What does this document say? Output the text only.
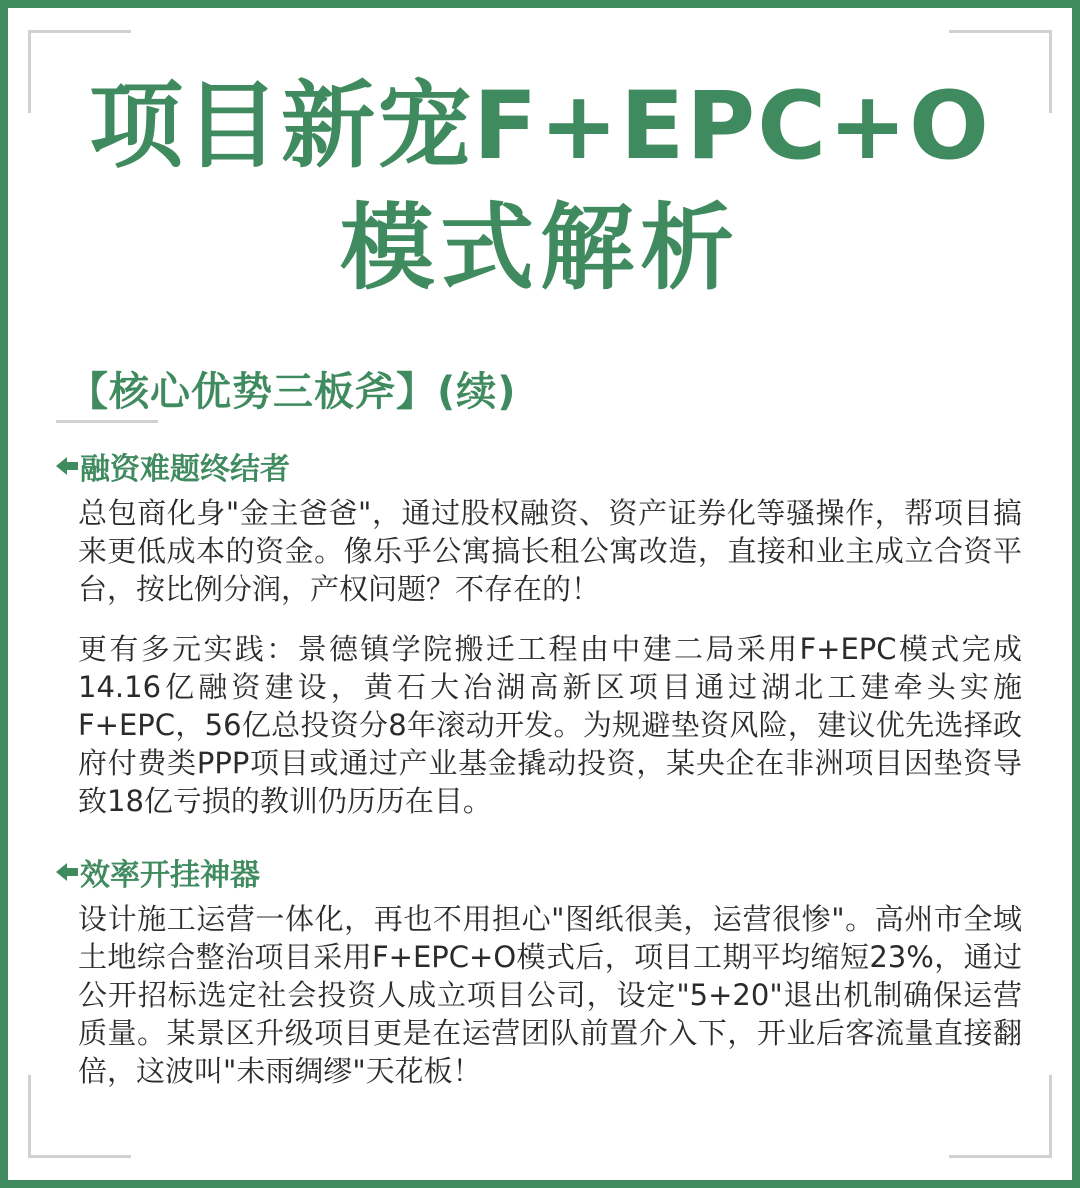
项目新宠F+EPC+O
模式解析
【核心优势三板斧】(续)
融资难题终结者

总包商化身"金主爸爸"，通过股权融资、资产证券化等骚操作，帮项目搞来更低成本的资金。像乐乎公寓搞长租公寓改造，直接和业主成立合资平台，按比例分润，产权问题？不存在的！

更有多元实践：景德镇学院搬迁工程由中建二局采用F+EPC模式完成14.16亿融资建设，黄石大冶湖高新区项目通过湖北工建牵头实施F+EPC，56亿总投资分8年滚动开发。为规避垫资风险，建议优先选择政府付费类PPP项目或通过产业基金撬动投资，某央企在非洲项目因垫资导致18亿亏损的教训仍历历在目。

效率开挂神器

设计施工运营一体化，再也不用担心"图纸很美，运营很惨"。高州市全域土地综合整治项目采用F+EPC+O模式后，项目工期平均缩短23%，通过公开招标选定社会投资人成立项目公司，设定"5+20"退出机制确保运营质量。某景区升级项目更是在运营团队前置介入下，开业后客流量直接翻倍，这波叫"未雨绸缪"天花板！
